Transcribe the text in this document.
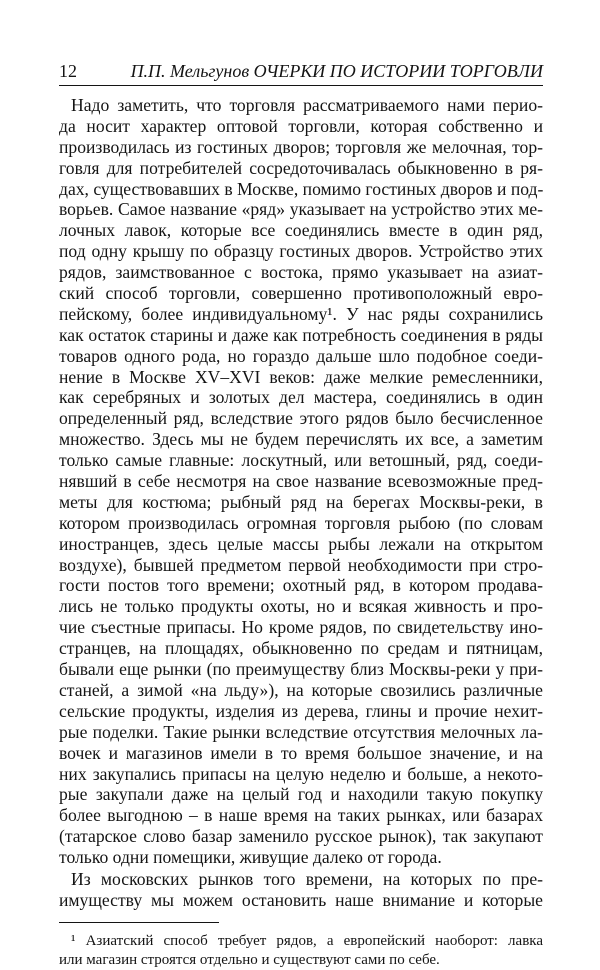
12	П.П. Мельгунов ОЧЕРКИ ПО ИСТОРИИ ТОРГОВЛИ
Надо заметить, что торговля рассматриваемого нами перио-
да носит характер оптовой торговли, которая собственно и
производилась из гостиных дворов; торговля же мелочная, тор-
говля для потребителей сосредоточивалась обыкновенно в ря-
дах, существовавших в Москве, помимо гостиных дворов и под-
ворьев. Самое название «ряд» указывает на устройство этих ме-
лочных лавок, которые все соединялись вместе в один ряд,
под одну крышу по образцу гостиных дворов. Устройство этих
рядов, заимствованное с востока, прямо указывает на азиат-
ский способ торговли, совершенно противоположный евро-
пейскому, более индивидуальному¹. У нас ряды сохранились
как остаток старины и даже как потребность соединения в ряды
товаров одного рода, но гораздо дальше шло подобное соеди-
нение в Москве XV–XVI веков: даже мелкие ремесленники,
как серебряных и золотых дел мастера, соединялись в один
определенный ряд, вследствие этого рядов было бесчисленное
множество. Здесь мы не будем перечислять их все, а заметим
только самые главные: лоскутный, или ветошный, ряд, соеди-
нявший в себе несмотря на свое название всевозможные пред-
меты для костюма; рыбный ряд на берегах Москвы-реки, в
котором производилась огромная торговля рыбою (по словам
иностранцев, здесь целые массы рыбы лежали на открытом
воздухе), бывшей предметом первой необходимости при стро-
гости постов того времени; охотный ряд, в котором продава-
лись не только продукты охоты, но и всякая живность и про-
чие съестные припасы. Но кроме рядов, по свидетельству ино-
странцев, на площадях, обыкновенно по средам и пятницам,
бывали еще рынки (по преимуществу близ Москвы-реки у при-
станей, а зимой «на льду»), на которые свозились различные
сельские продукты, изделия из дерева, глины и прочие нехит-
рые поделки. Такие рынки вследствие отсутствия мелочных ла-
вочек и магазинов имели в то время большое значение, и на
них закупались припасы на целую неделю и больше, а некото-
рые закупали даже на целый год и находили такую покупку
более выгодною – в наше время на таких рынках, или базарах
(татарское слово базар заменило русское рынок), так закупают
только одни помещики, живущие далеко от города.
Из московских рынков того времени, на которых по пре-
имуществу мы можем остановить наше внимание и которые
¹ Азиатский способ требует рядов, а европейский наоборот: лавка
или магазин строятся отдельно и существуют сами по себе.
